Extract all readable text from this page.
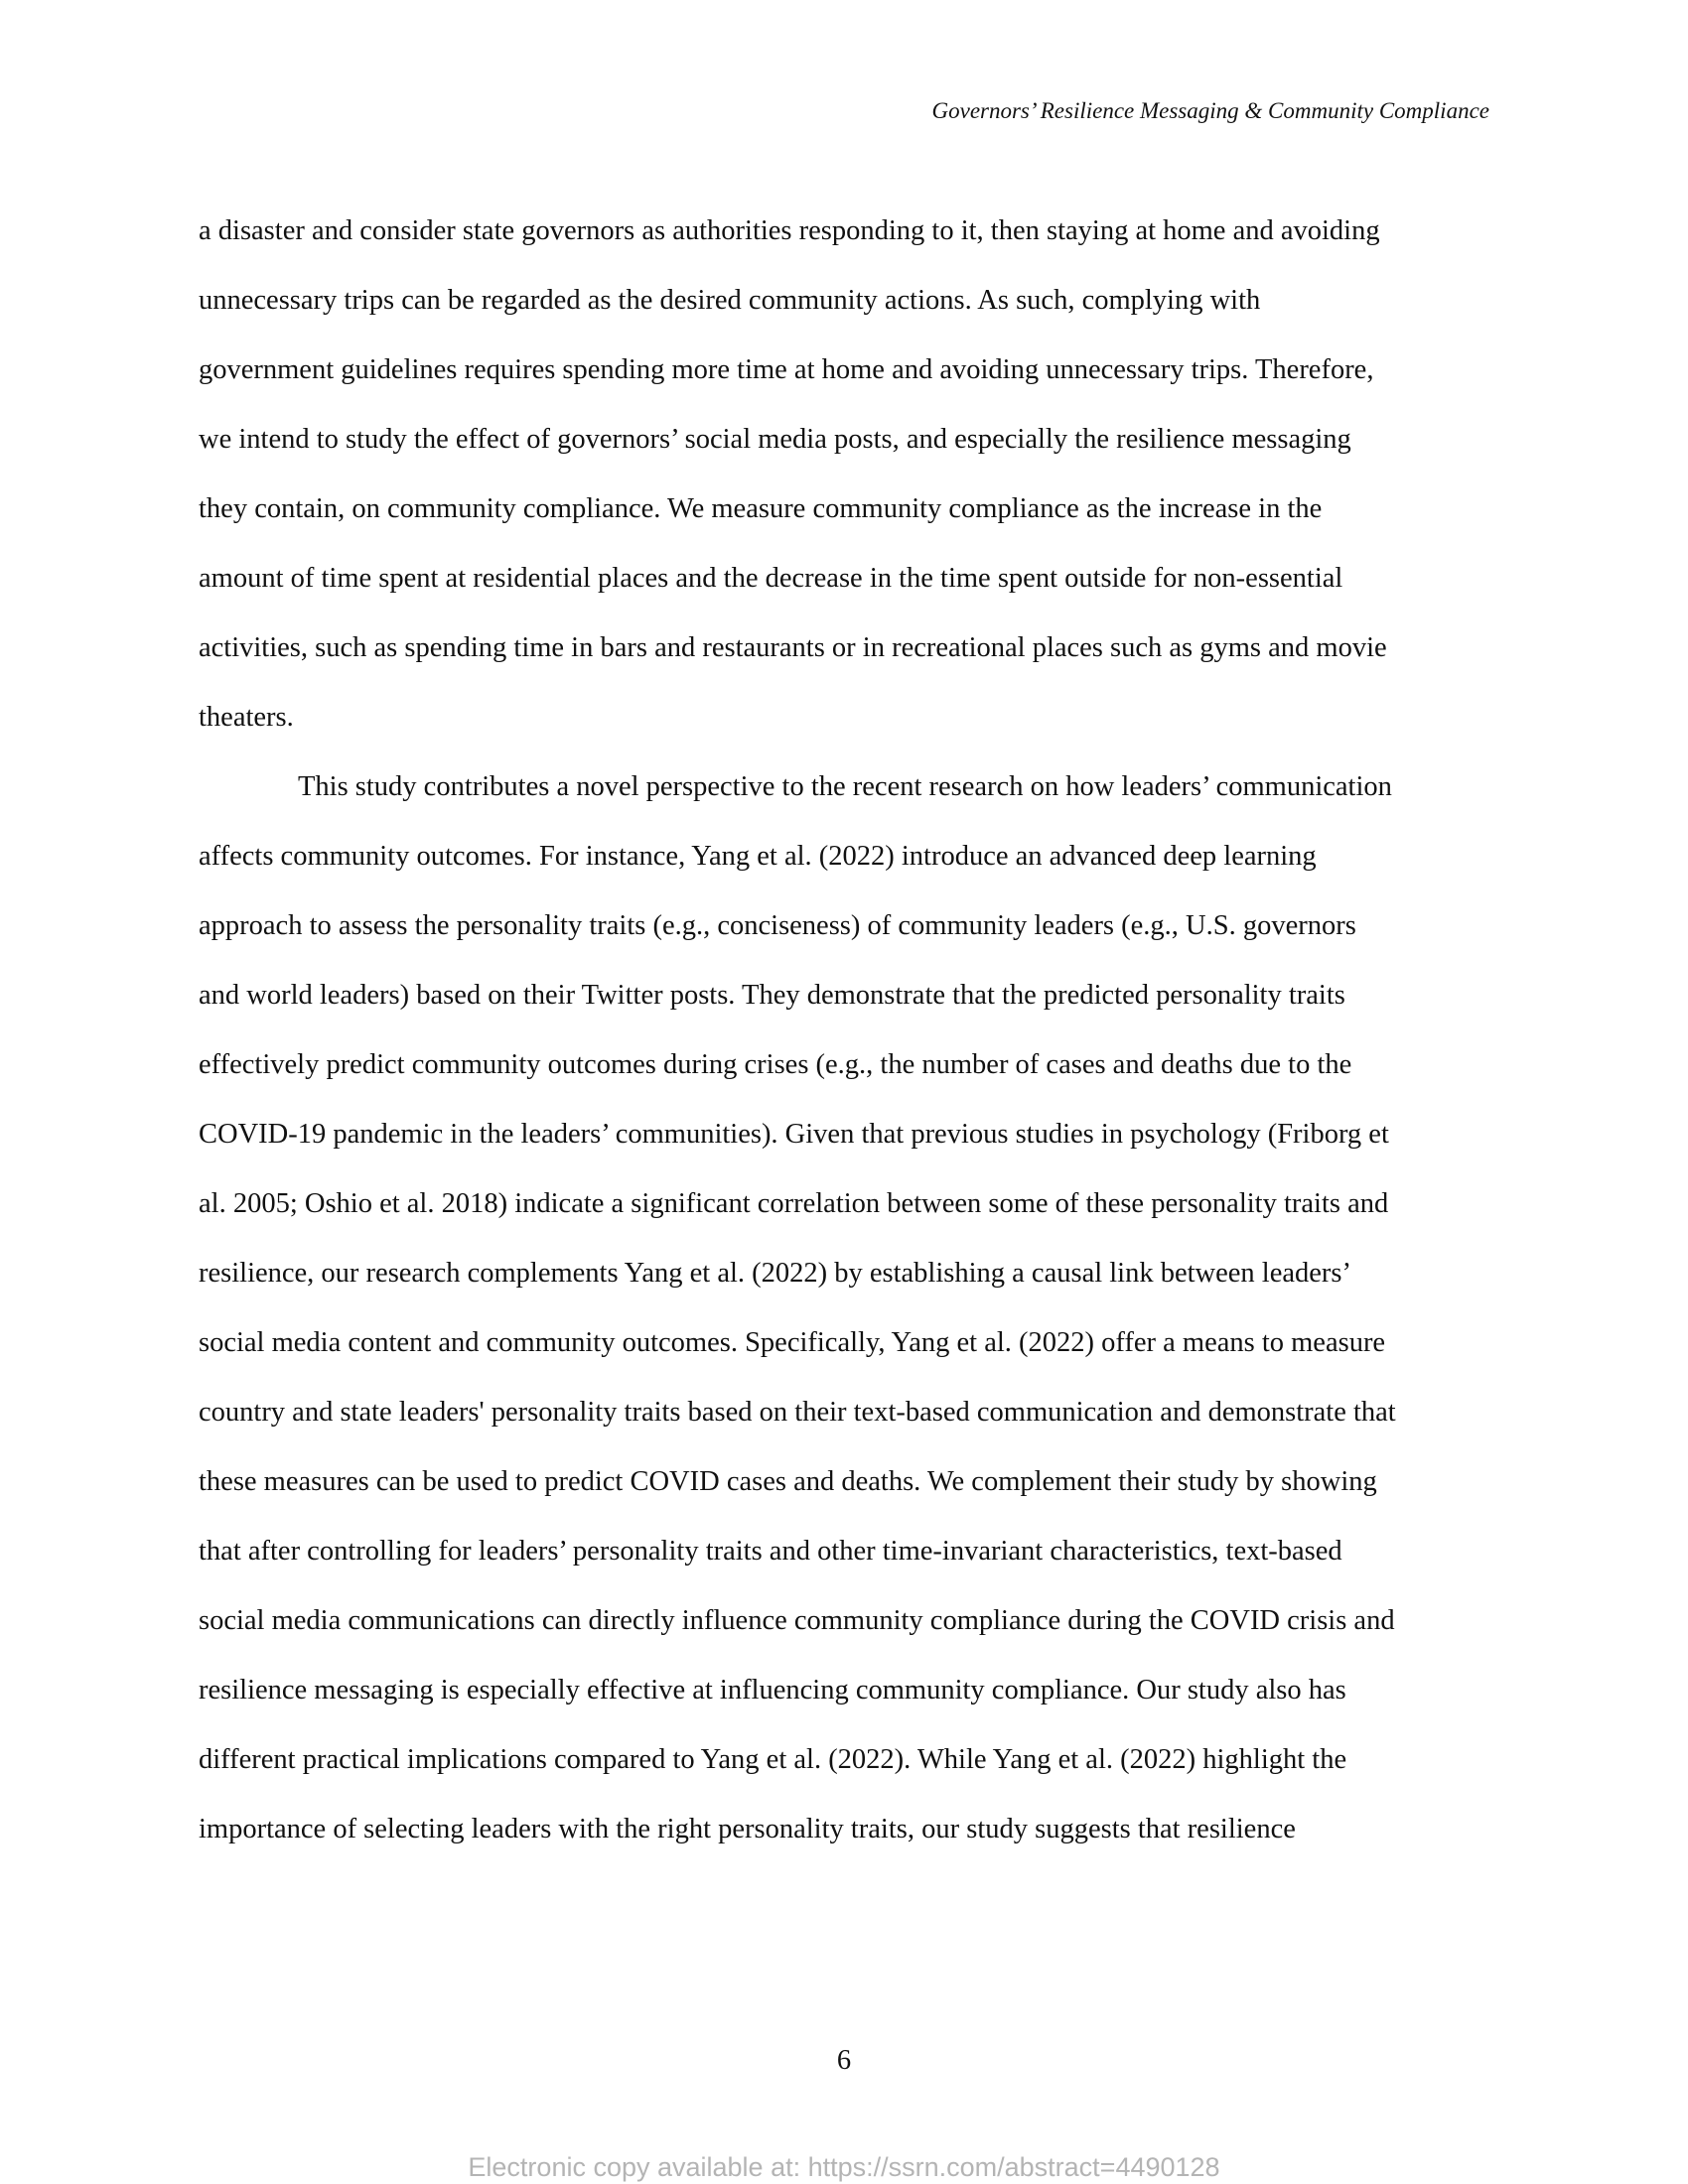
Governors’ Resilience Messaging & Community Compliance
a disaster and consider state governors as authorities responding to it, then staying at home and avoiding
unnecessary trips can be regarded as the desired community actions. As such, complying with
government guidelines requires spending more time at home and avoiding unnecessary trips. Therefore,
we intend to study the effect of governors’ social media posts, and especially the resilience messaging
they contain, on community compliance. We measure community compliance as the increase in the
amount of time spent at residential places and the decrease in the time spent outside for non-essential
activities, such as spending time in bars and restaurants or in recreational places such as gyms and movie
theaters.
This study contributes a novel perspective to the recent research on how leaders’ communication
affects community outcomes. For instance, Yang et al. (2022) introduce an advanced deep learning
approach to assess the personality traits (e.g., conciseness) of community leaders (e.g., U.S. governors
and world leaders) based on their Twitter posts. They demonstrate that the predicted personality traits
effectively predict community outcomes during crises (e.g., the number of cases and deaths due to the
COVID-19 pandemic in the leaders’ communities). Given that previous studies in psychology (Friborg et
al. 2005; Oshio et al. 2018) indicate a significant correlation between some of these personality traits and
resilience, our research complements Yang et al. (2022) by establishing a causal link between leaders’
social media content and community outcomes. Specifically, Yang et al. (2022) offer a means to measure
country and state leaders' personality traits based on their text-based communication and demonstrate that
these measures can be used to predict COVID cases and deaths. We complement their study by showing
that after controlling for leaders’ personality traits and other time-invariant characteristics, text-based
social media communications can directly influence community compliance during the COVID crisis and
resilience messaging is especially effective at influencing community compliance. Our study also has
different practical implications compared to Yang et al. (2022). While Yang et al. (2022) highlight the
importance of selecting leaders with the right personality traits, our study suggests that resilience
6
Electronic copy available at: https://ssrn.com/abstract=4490128
